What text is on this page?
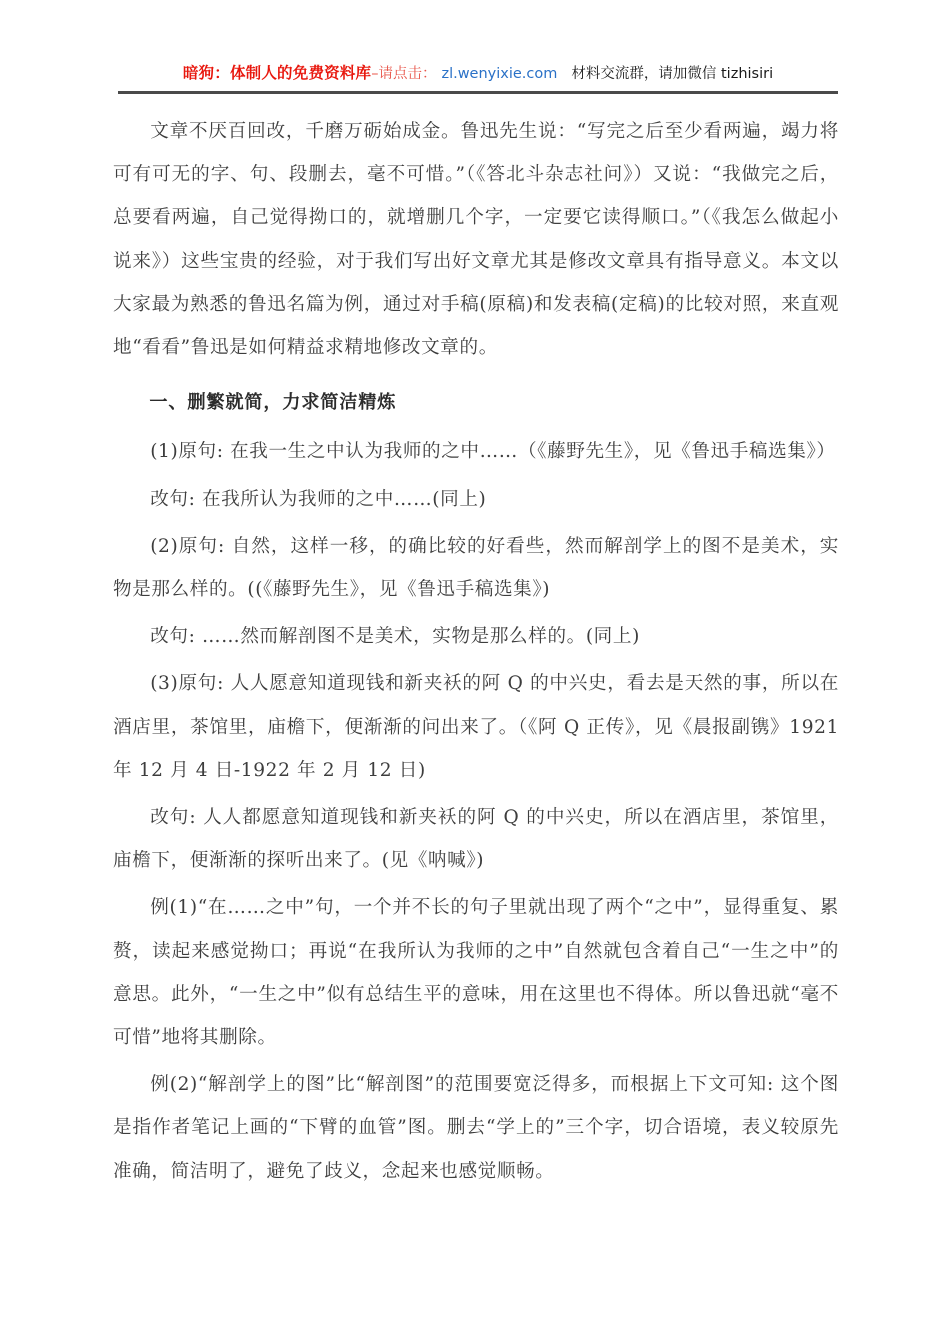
暗狗：体制人的免费资料库–请点击： zl.wenyixie.com 材料交流群，请加微信 tizhisiri

文章不厌百回改，千磨万砺始成金。鲁迅先生说：“写完之后至少看两遍，竭力将可有可无的字、句、段删去，毫不可惜。”（《答北斗杂志社问》）又说：“我做完之后，总要看两遍，自己觉得拗口的，就增删几个字，一定要它读得顺口。”（《我怎么做起小说来》）这些宝贵的经验，对于我们写出好文章尤其是修改文章具有指导意义。本文以大家最为熟悉的鲁迅名篇为例，通过对手稿(原稿)和发表稿(定稿)的比较对照，来直观地“看看”鲁迅是如何精益求精地修改文章的。

一、删繁就简，力求简洁精炼

(1)原句: 在我一生之中认为我师的之中……（《藤野先生》，见《鲁迅手稿选集》）

改句: 在我所认为我师的之中……(同上)

(2)原句: 自然，这样一移，的确比较的好看些，然而解剖学上的图不是美术，实物是那么样的。((《藤野先生》，见《鲁迅手稿选集》)

改句: ……然而解剖图不是美术，实物是那么样的。(同上)

(3)原句: 人人愿意知道现钱和新夹袄的阿 Q 的中兴史，看去是天然的事，所以在酒店里，茶馆里，庙檐下，便渐渐的问出来了。（《阿 Q 正传》，见《晨报副镌》1921 年 12 月 4 日-1922 年 2 月 12 日)

改句: 人人都愿意知道现钱和新夹袄的阿 Q 的中兴史，所以在酒店里，茶馆里，庙檐下，便渐渐的探听出来了。(见《呐喊》)

例(1)“在……之中”句，一个并不长的句子里就出现了两个“之中”，显得重复、累赘，读起来感觉拗口；再说“在我所认为我师的之中”自然就包含着自己“一生之中”的意思。此外，“一生之中”似有总结生平的意味，用在这里也不得体。所以鲁迅就“毫不可惜”地将其删除。

例(2)“解剖学上的图”比“解剖图”的范围要宽泛得多，而根据上下文可知: 这个图是指作者笔记上画的“下臂的血管”图。删去“学上的”三个字，切合语境，表义较原先准确，简洁明了，避免了歧义，念起来也感觉顺畅。
